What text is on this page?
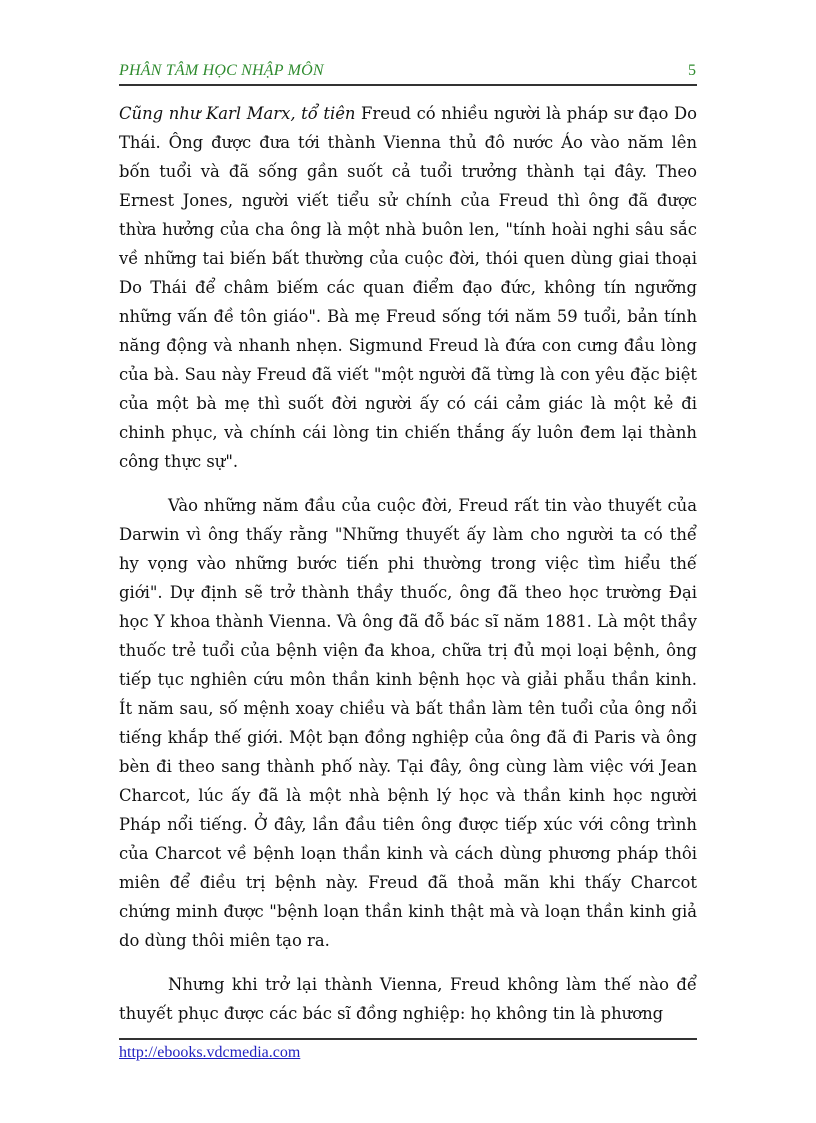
PHÂN TÂM HỌC NHẬP MÔN	5

Cũng như Karl Marx, tổ tiên Freud có nhiều người là pháp sư đạo Do Thái. Ông được đưa tới thành Vienna thủ đô nước Áo vào năm lên bốn tuổi và đã sống gần suốt cả tuổi trưởng thành tại đây. Theo Ernest Jones, người viết tiểu sử chính của Freud thì ông đã được thừa hưởng của cha ông là một nhà buôn len, "tính hoài nghi sâu sắc về những tai biến bất thường của cuộc đời, thói quen dùng giai thoại Do Thái để châm biếm các quan điểm đạo đức, không tín ngưỡng những vấn đề tôn giáo". Bà mẹ Freud sống tới năm 59 tuổi, bản tính năng động và nhanh nhẹn. Sigmund Freud là đứa con cưng đầu lòng của bà. Sau này Freud đã viết "một người đã từng là con yêu đặc biệt của một bà mẹ thì suốt đời người ấy có cái cảm giác là một kẻ đi chinh phục, và chính cái lòng tin chiến thắng ấy luôn đem lại thành công thực sự".

Vào những năm đầu của cuộc đời, Freud rất tin vào thuyết của Darwin vì ông thấy rằng "Những thuyết ấy làm cho người ta có thể hy vọng vào những bước tiến phi thường trong việc tìm hiểu thế giới". Dự định sẽ trở thành thầy thuốc, ông đã theo học trường Đại học Y khoa thành Vienna. Và ông đã đỗ bác sĩ năm 1881. Là một thầy thuốc trẻ tuổi của bệnh viện đa khoa, chữa trị đủ mọi loại bệnh, ông tiếp tục nghiên cứu môn thần kinh bệnh học và giải phẫu thần kinh. Ít năm sau, số mệnh xoay chiều và bất thần làm tên tuổi của ông nổi tiếng khắp thế giới. Một bạn đồng nghiệp của ông đã đi Paris và ông bèn đi theo sang thành phố này. Tại đây, ông cùng làm việc với Jean Charcot, lúc ấy đã là một nhà bệnh lý học và thần kinh học người Pháp nổi tiếng. Ở đây, lần đầu tiên ông được tiếp xúc với công trình của Charcot về bệnh loạn thần kinh và cách dùng phương pháp thôi miên để điều trị bệnh này. Freud đã thoả mãn khi thấy Charcot chứng minh được "bệnh loạn thần kinh thật mà và loạn thần kinh giả do dùng thôi miên tạo ra.

Nhưng khi trở lại thành Vienna, Freud không làm thế nào để thuyết phục được các bác sĩ đồng nghiệp: họ không tin là phương

http://ebooks.vdcmedia.com
